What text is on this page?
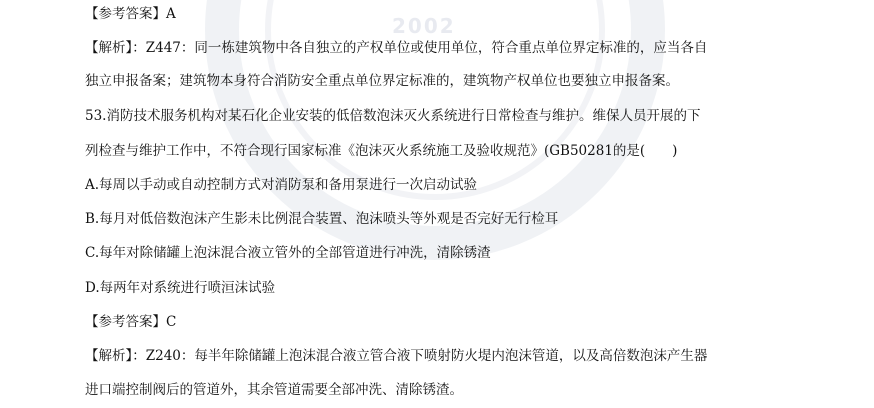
2002
【参考答案】A
【解析】：Z447：同一栋建筑物中各自独立的产权单位或使用单位，符合重点单位界定标准的，应当各自
独立申报备案；建筑物本身符合消防安全重点单位界定标准的，建筑物产权单位也要独立申报备案。
53.消防技术服务机构对某石化企业安装的低倍数泡沫灭火系统进行日常检查与维护。维保人员开展的下
列检查与维护工作中，不符合现行国家标准《泡沫灭火系统施工及验收规范》(GB50281的是(　　)
A.每周以手动或自动控制方式对消防泵和备用泵进行一次启动试验
B.每月对低倍数泡沫产生影未比例混合装置、泡沫喷头等外观是否完好无行检耳
C.每年对除储罐上泡沫混合液立管外的全部管道进行冲洗，清除锈渣
D.每两年对系统进行喷洹沫试验
【参考答案】C
【解析】：Z240：每半年除储罐上泡沫混合液立管合液下喷射防火堤内泡沫管道，以及高倍数泡沫产生器
进口端控制阀后的管道外，其余管道需要全部冲洗、清除锈渣。
